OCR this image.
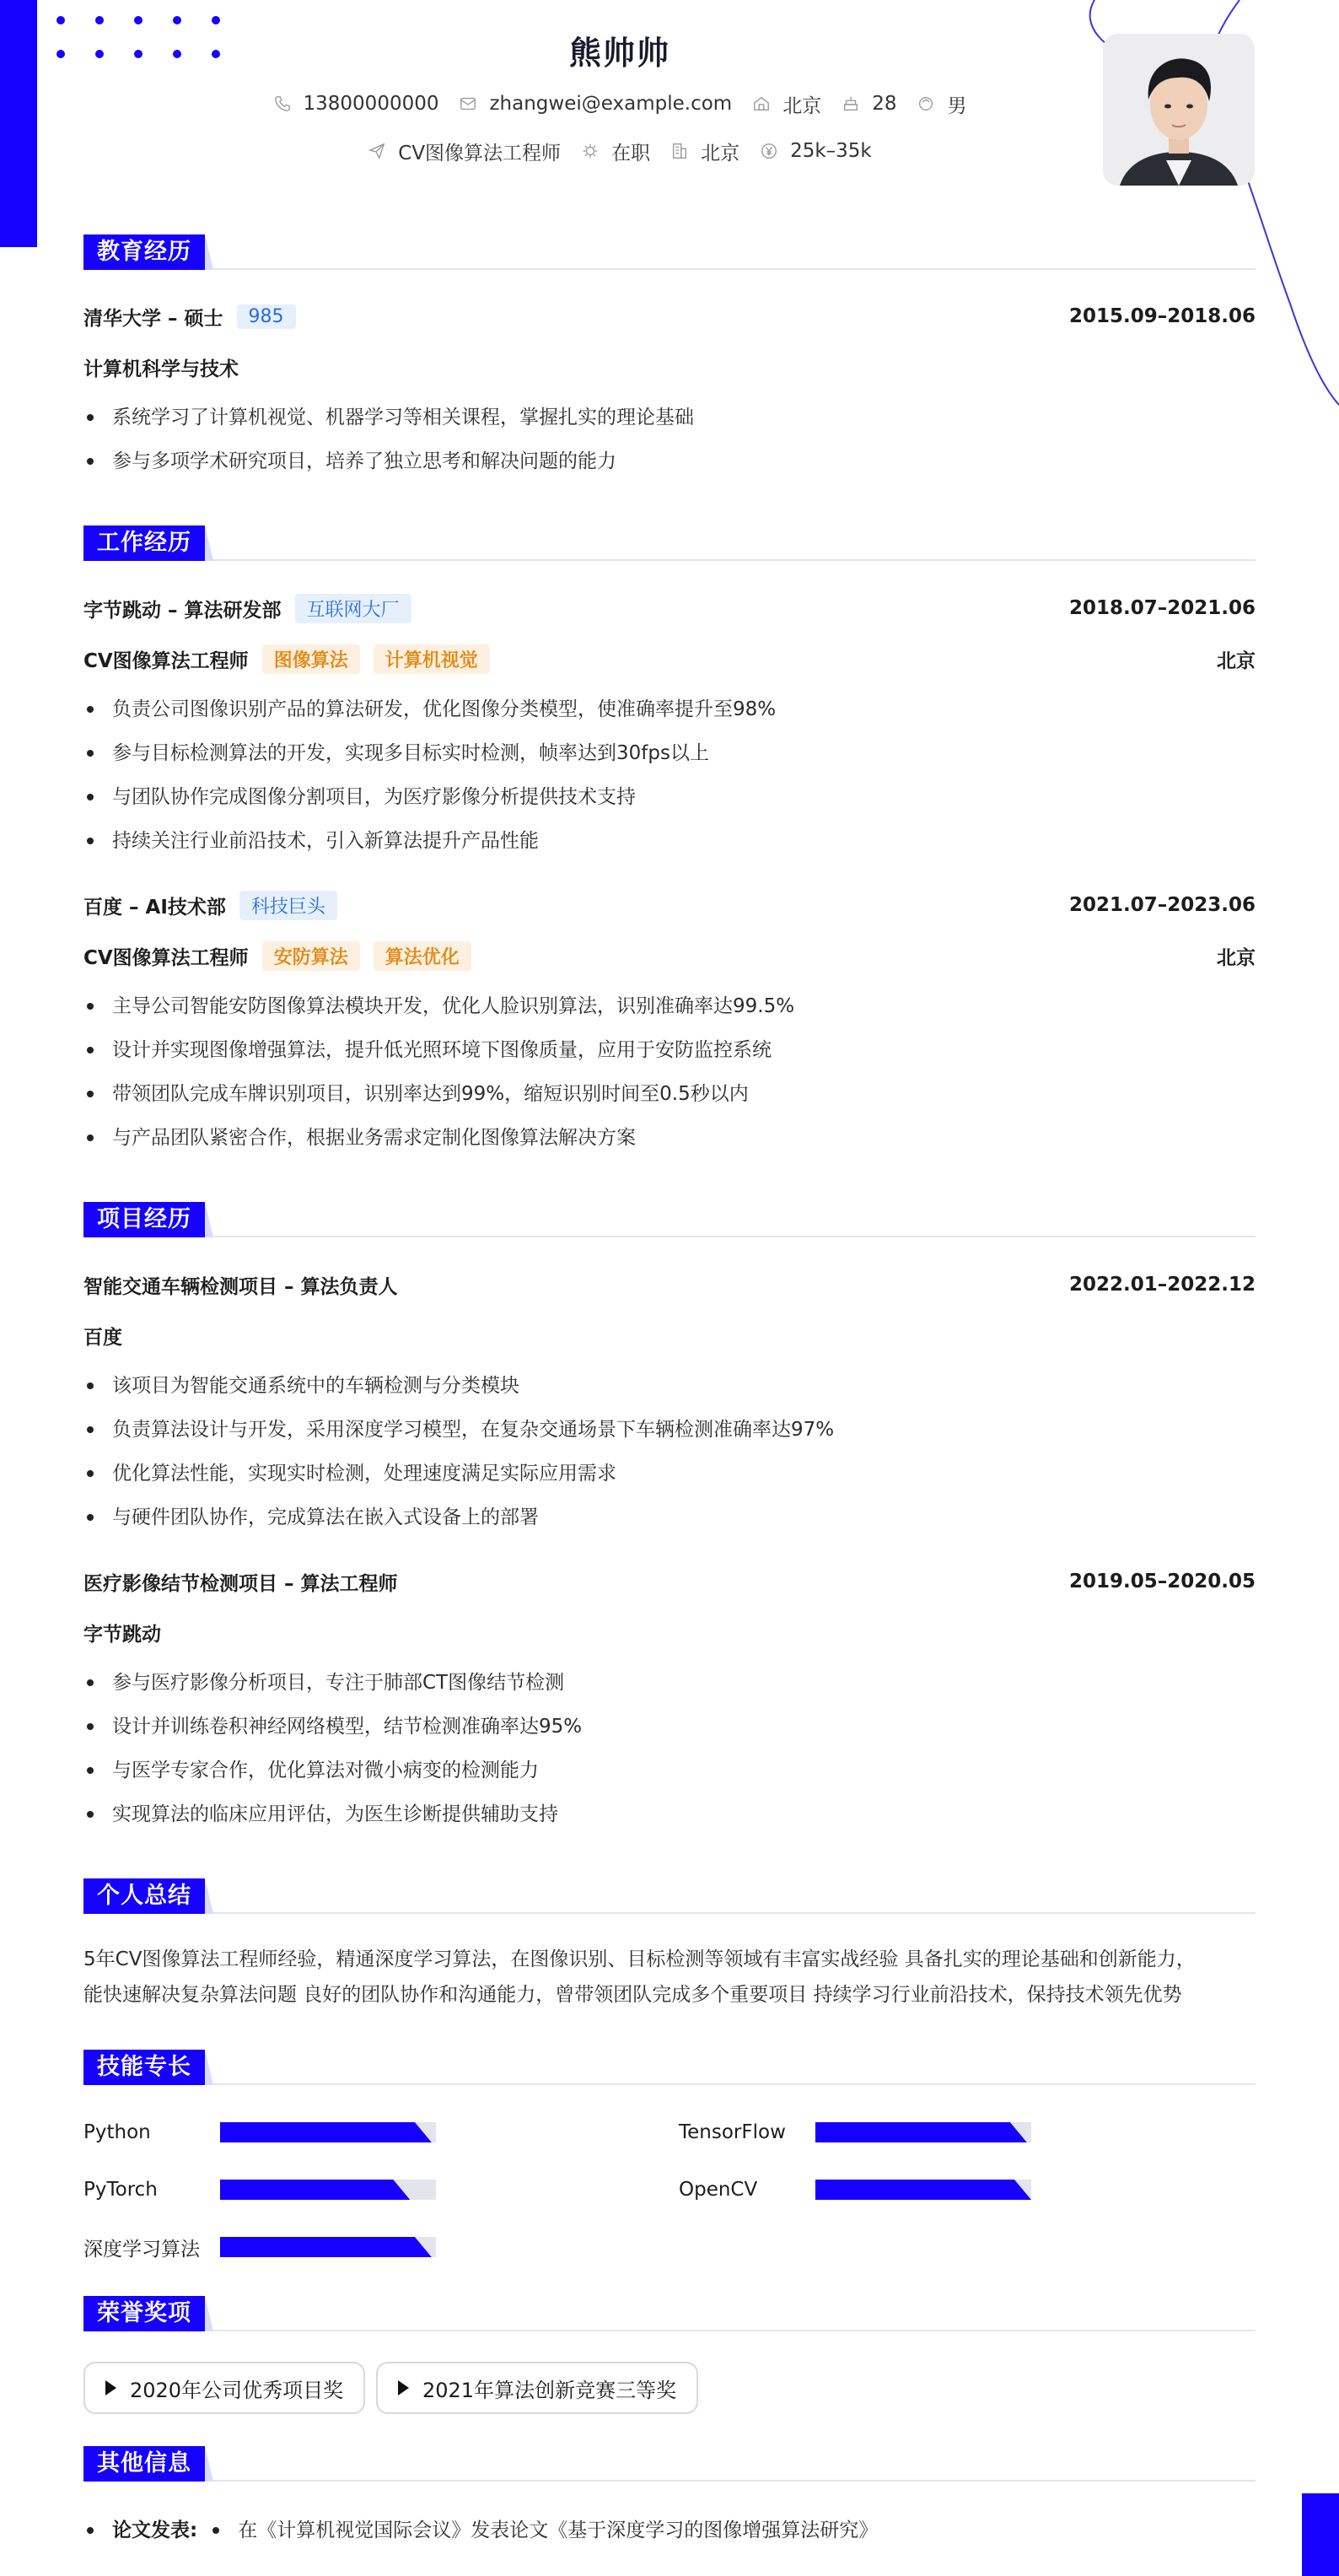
熊帅帅
13800000000	zhangwei@example.com	北京	28	男
CV图像算法工程师	在职	北京	25k–35k
教育经历
清华大学 – 硕士	985	2015.09–2018.06
计算机科学与技术
系统学习了计算机视觉、机器学习等相关课程，掌握扎实的理论基础
参与多项学术研究项目，培养了独立思考和解决问题的能力
工作经历
字节跳动 – 算法研发部	互联网大厂	2018.07–2021.06
CV图像算法工程师	图像算法	计算机视觉	北京
负责公司图像识别产品的算法研发，优化图像分类模型，使准确率提升至98%
参与目标检测算法的开发，实现多目标实时检测，帧率达到30fps以上
与团队协作完成图像分割项目，为医疗影像分析提供技术支持
持续关注行业前沿技术，引入新算法提升产品性能
百度 – AI技术部	科技巨头	2021.07–2023.06
CV图像算法工程师	安防算法	算法优化	北京
主导公司智能安防图像算法模块开发，优化人脸识别算法，识别准确率达99.5%
设计并实现图像增强算法，提升低光照环境下图像质量，应用于安防监控系统
带领团队完成车牌识别项目，识别率达到99%，缩短识别时间至0.5秒以内
与产品团队紧密合作，根据业务需求定制化图像算法解决方案
项目经历
智能交通车辆检测项目 – 算法负责人	2022.01–2022.12
百度
该项目为智能交通系统中的车辆检测与分类模块
负责算法设计与开发，采用深度学习模型，在复杂交通场景下车辆检测准确率达97%
优化算法性能，实现实时检测，处理速度满足实际应用需求
与硬件团队协作，完成算法在嵌入式设备上的部署
医疗影像结节检测项目 – 算法工程师	2019.05–2020.05
字节跳动
参与医疗影像分析项目，专注于肺部CT图像结节检测
设计并训练卷积神经网络模型，结节检测准确率达95%
与医学专家合作，优化算法对微小病变的检测能力
实现算法的临床应用评估，为医生诊断提供辅助支持
个人总结
5年CV图像算法工程师经验，精通深度学习算法，在图像识别、目标检测等领域有丰富实战经验 具备扎实的理论基础和创新能力，
能快速解决复杂算法问题 良好的团队协作和沟通能力，曾带领团队完成多个重要项目 持续学习行业前沿技术，保持技术领先优势
技能专长
Python	TensorFlow
PyTorch	OpenCV
深度学习算法
荣誉奖项
2020年公司优秀项目奖	2021年算法创新竞赛三等奖
其他信息
论文发表: 在《计算机视觉国际会议》发表论文《基于深度学习的图像增强算法研究》
